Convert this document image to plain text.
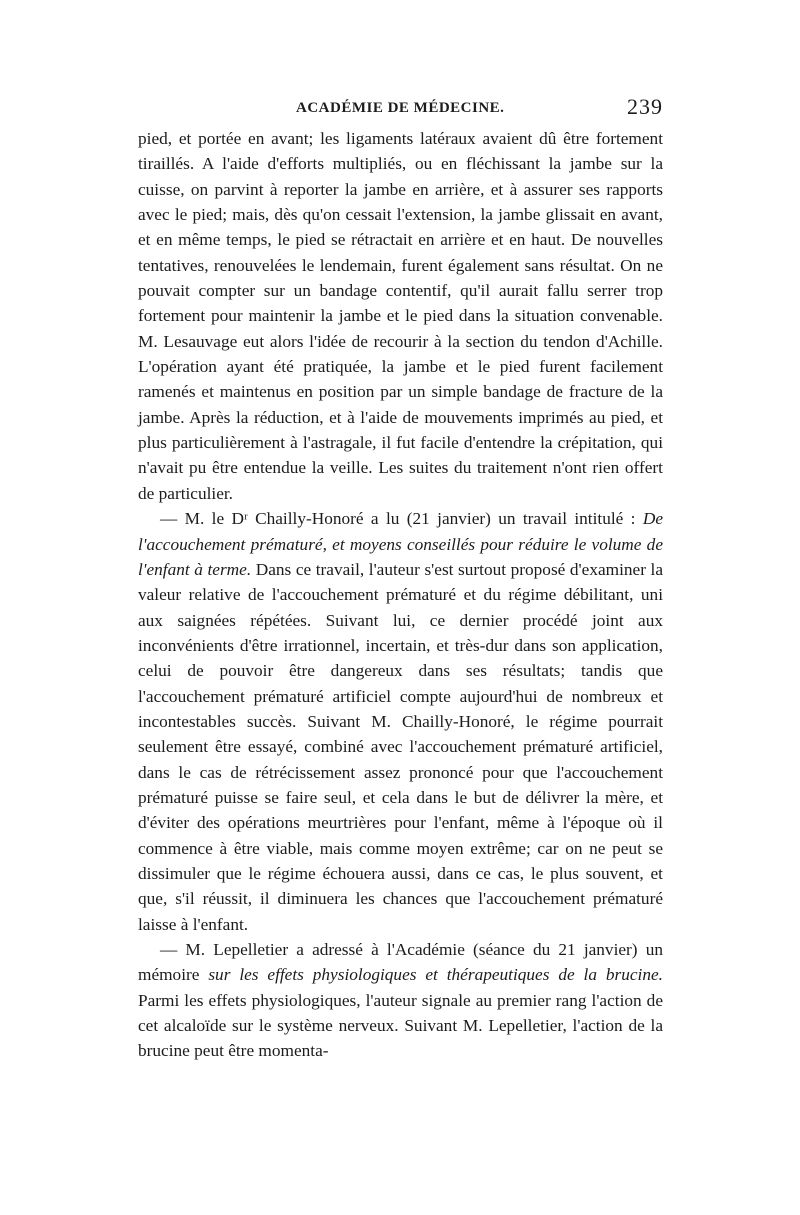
ACADÉMIE DE MÉDECINE.	239

pied, et portée en avant; les ligaments latéraux avaient dû être fortement tiraillés. A l'aide d'efforts multipliés, ou en fléchissant la jambe sur la cuisse, on parvint à reporter la jambe en arrière, et à assurer ses rapports avec le pied; mais, dès qu'on cessait l'extension, la jambe glissait en avant, et en même temps, le pied se rétractait en arrière et en haut. De nouvelles tentatives, renouvelées le lendemain, furent également sans résultat. On ne pouvait compter sur un bandage contentif, qu'il aurait fallu serrer trop fortement pour maintenir la jambe et le pied dans la situation convenable. M. Lesauvage eut alors l'idée de recourir à la section du tendon d'Achille. L'opération ayant été pratiquée, la jambe et le pied furent facilement ramenés et maintenus en position par un simple bandage de fracture de la jambe. Après la réduction, et à l'aide de mouvements imprimés au pied, et plus particulièrement à l'astragale, il fut facile d'entendre la crépitation, qui n'avait pu être entendue la veille. Les suites du traitement n'ont rien offert de particulier.

— M. le Dʳ Chailly-Honoré a lu (21 janvier) un travail intitulé : De l'accouchement prématuré, et moyens conseillés pour réduire le volume de l'enfant à terme. Dans ce travail, l'auteur s'est surtout proposé d'examiner la valeur relative de l'accouchement prématuré et du régime débilitant, uni aux saignées répétées. Suivant lui, ce dernier procédé joint aux inconvénients d'être irrationnel, incertain, et très-dur dans son application, celui de pouvoir être dangereux dans ses résultats; tandis que l'accouchement prématuré artificiel compte aujourd'hui de nombreux et incontestables succès. Suivant M. Chailly-Honoré, le régime pourrait seulement être essayé, combiné avec l'accouchement prématuré artificiel, dans le cas de rétrécissement assez prononcé pour que l'accouchement prématuré puisse se faire seul, et cela dans le but de délivrer la mère, et d'éviter des opérations meurtrières pour l'enfant, même à l'époque où il commence à être viable, mais comme moyen extrême; car on ne peut se dissimuler que le régime échouera aussi, dans ce cas, le plus souvent, et que, s'il réussit, il diminuera les chances que l'accouchement prématuré laisse à l'enfant.

— M. Lepelletier a adressé à l'Académie (séance du 21 janvier) un mémoire sur les effets physiologiques et thérapeutiques de la brucine. Parmi les effets physiologiques, l'auteur signale au premier rang l'action de cet alcaloïde sur le système nerveux. Suivant M. Lepelletier, l'action de la brucine peut être momenta-
